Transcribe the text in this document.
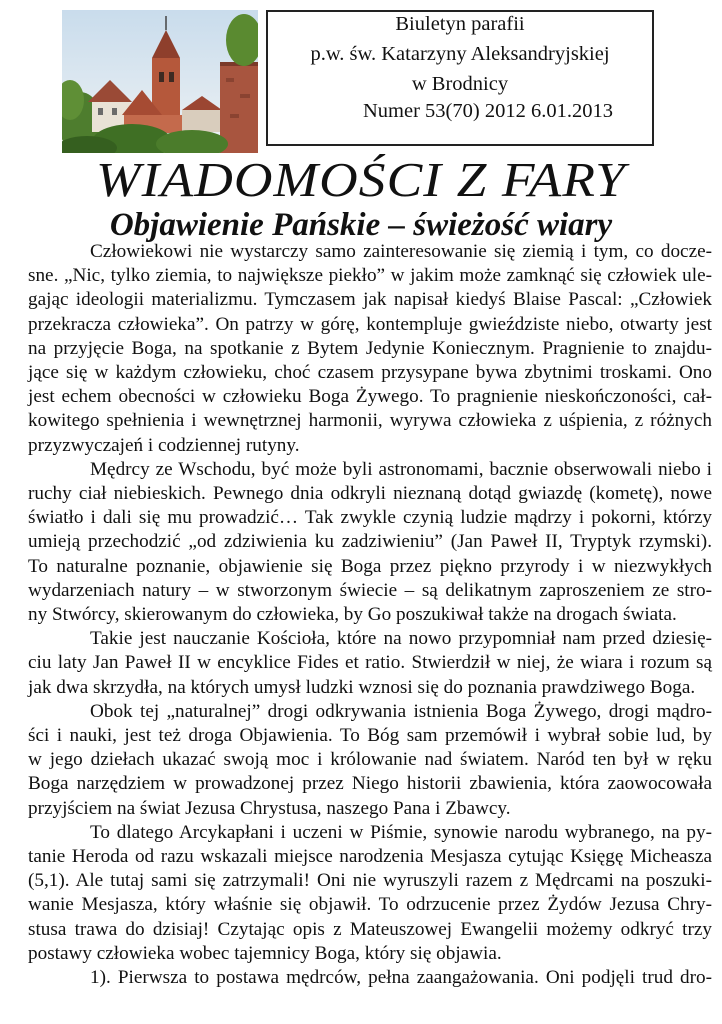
Biuletyn parafii
p.w. św. Katarzyny Aleksandryjskiej
w Brodnicy
Numer 53(70) 2012 6.01.2013
WIADOMOŚCI Z FARY
Objawienie Pańskie – świeżość wiary

Człowiekowi nie wystarczy samo zainteresowanie się ziemią i tym, co docze-
sne. „Nic, tylko ziemia, to największe piekło” w jakim może zamknąć się człowiek ule-
gając ideologii materializmu. Tymczasem jak napisał kiedyś Blaise Pascal: „Człowiek
przekracza człowieka”. On patrzy w górę, kontempluje gwieździste niebo, otwarty jest
na przyjęcie Boga, na spotkanie z Bytem Jedynie Koniecznym. Pragnienie to znajdu-
jące się w każdym człowieku, choć czasem przysypane bywa zbytnimi troskami. Ono
jest echem obecności w człowieku Boga Żywego. To pragnienie nieskończoności, cał-
kowitego spełnienia i wewnętrznej harmonii, wyrywa człowieka z uśpienia, z różnych
przyzwyczajeń i codziennej rutyny.

Mędrcy ze Wschodu, być może byli astronomami, bacznie obserwowali niebo i
ruchy ciał niebieskich. Pewnego dnia odkryli nieznaną dotąd gwiazdę (kometę), nowe
światło i dali się mu prowadzić… Tak zwykle czynią ludzie mądrzy i pokorni, którzy
umieją przechodzić „od zdziwienia ku zadziwieniu” (Jan Paweł II, Tryptyk rzymski).
To naturalne poznanie, objawienie się Boga przez piękno przyrody i w niezwykłych
wydarzeniach natury – w stworzonym świecie – są delikatnym zaproszeniem ze stro-
ny Stwórcy, skierowanym do człowieka, by Go poszukiwał także na drogach świata.

Takie jest nauczanie Kościoła, które na nowo przypomniał nam przed dziesię-
ciu laty Jan Paweł II w encyklice Fides et ratio. Stwierdził w niej, że wiara i rozum są
jak dwa skrzydła, na których umysł ludzki wznosi się do poznania prawdziwego Boga.

Obok tej „naturalnej” drogi odkrywania istnienia Boga Żywego, drogi mądro-
ści i nauki, jest też droga Objawienia. To Bóg sam przemówił i wybrał sobie lud, by
w jego dziełach ukazać swoją moc i królowanie nad światem. Naród ten był w ręku
Boga narzędziem w prowadzonej przez Niego historii zbawienia, która zaowocowała
przyjściem na świat Jezusa Chrystusa, naszego Pana i Zbawcy.

To dlatego Arcykapłani i uczeni w Piśmie, synowie narodu wybranego, na py-
tanie Heroda od razu wskazali miejsce narodzenia Mesjasza cytując Księgę Micheasza
(5,1). Ale tutaj sami się zatrzymali! Oni nie wyruszyli razem z Mędrcami na poszuki-
wanie Mesjasza, który właśnie się objawił. To odrzucenie przez Żydów Jezusa Chry-
stusa trawa do dzisiaj! Czytając opis z Mateuszowej Ewangelii możemy odkryć trzy
postawy człowieka wobec tajemnicy Boga, który się objawia.

1). Pierwsza to postawa mędrców, pełna zaangażowania. Oni podjęli trud dro-
